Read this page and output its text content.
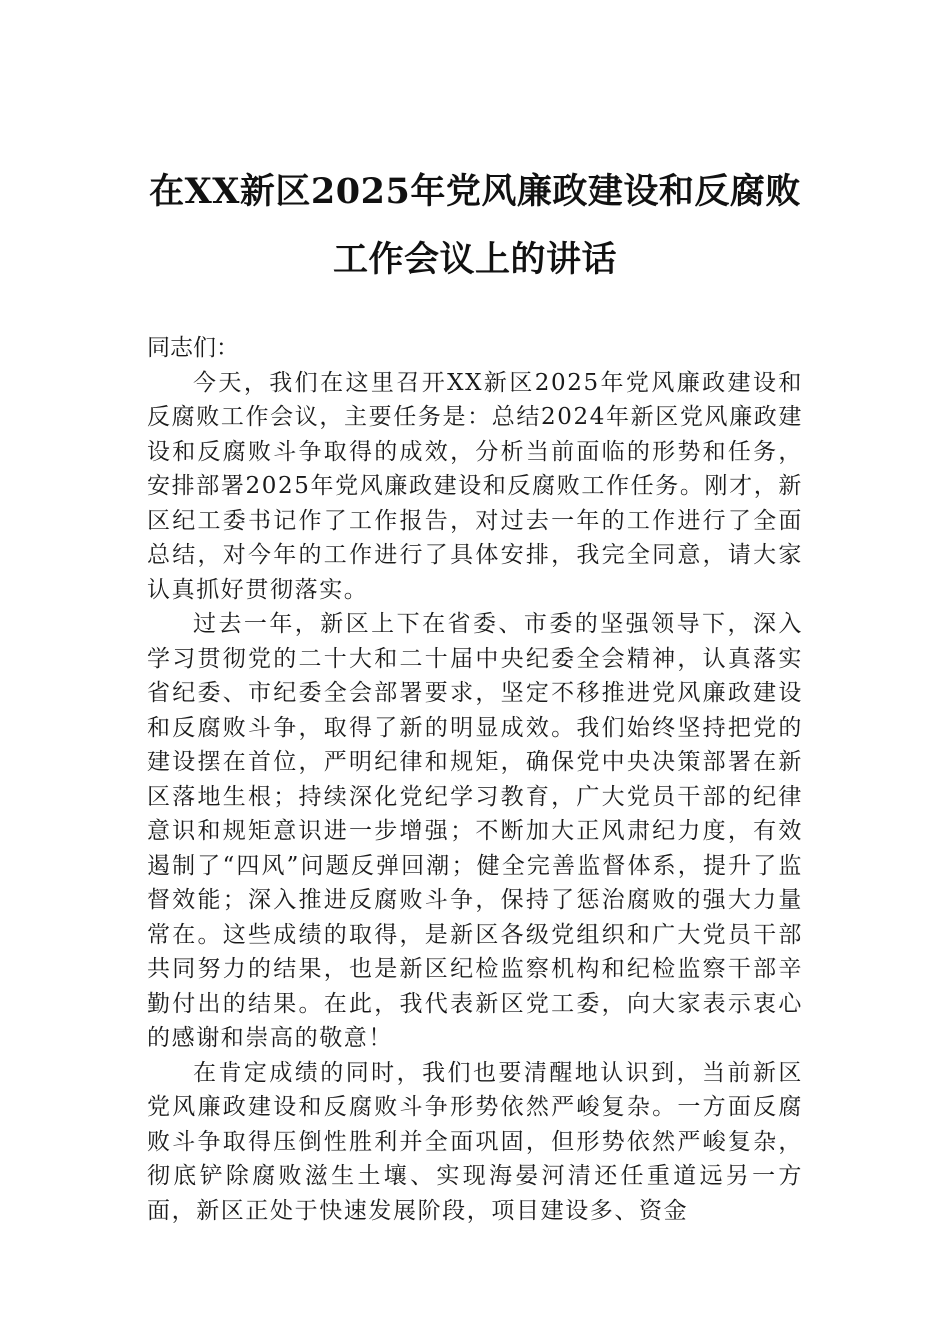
在XX新区2025年党风廉政建设和反腐败
工作会议上的讲话

同志们：

今天，我们在这里召开XX新区2025年党风廉政建设和反腐败工作会议，主要任务是：总结2024年新区党风廉政建设和反腐败斗争取得的成效，分析当前面临的形势和任务，安排部署2025年党风廉政建设和反腐败工作任务。刚才，新区纪工委书记作了工作报告，对过去一年的工作进行了全面总结，对今年的工作进行了具体安排，我完全同意，请大家认真抓好贯彻落实。

过去一年，新区上下在省委、市委的坚强领导下，深入学习贯彻党的二十大和二十届中央纪委全会精神，认真落实省纪委、市纪委全会部署要求，坚定不移推进党风廉政建设和反腐败斗争，取得了新的明显成效。我们始终坚持把党的建设摆在首位，严明纪律和规矩，确保党中央决策部署在新区落地生根；持续深化党纪学习教育，广大党员干部的纪律意识和规矩意识进一步增强；不断加大正风肃纪力度，有效遏制了“四风”问题反弹回潮；健全完善监督体系，提升了监督效能；深入推进反腐败斗争，保持了惩治腐败的强大力量常在。这些成绩的取得，是新区各级党组织和广大党员干部共同努力的结果，也是新区纪检监察机构和纪检监察干部辛勤付出的结果。在此，我代表新区党工委，向大家表示衷心的感谢和崇高的敬意！

在肯定成绩的同时，我们也要清醒地认识到，当前新区党风廉政建设和反腐败斗争形势依然严峻复杂。一方面反腐败斗争取得压倒性胜利并全面巩固，但形势依然严峻复杂，彻底铲除腐败滋生土壤、实现海晏河清还任重道远另一方面，新区正处于快速发展阶段，项目建设多、资金
